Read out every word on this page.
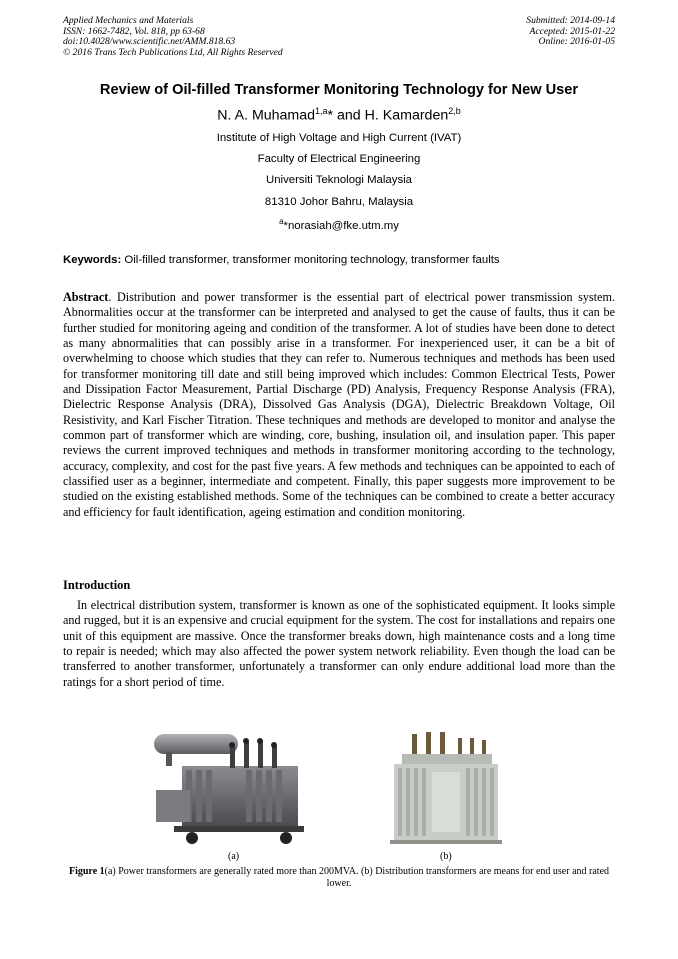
Applied Mechanics and Materials
ISSN: 1662-7482, Vol. 818, pp 63-68
doi:10.4028/www.scientific.net/AMM.818.63
© 2016 Trans Tech Publications Ltd, All Rights Reserved
Submitted: 2014-09-14
Accepted: 2015-01-22
Online: 2016-01-05
Review of Oil-filled Transformer Monitoring Technology for New User
N. A. Muhamad$^{1,a}$* and H. Kamarden$^{2,b}$
Institute of High Voltage and High Current (IVAT)
Faculty of Electrical Engineering
Universiti Teknologi Malaysia
81310 Johor Bahru, Malaysia
$^a$*norasiah@fke.utm.my
Keywords: Oil-filled transformer, transformer monitoring technology, transformer faults

Abstract. Distribution and power transformer is the essential part of electrical power transmission system. Abnormalities occur at the transformer can be interpreted and analysed to get the cause of faults, thus it can be further studied for monitoring ageing and condition of the transformer. A lot of studies have been done to detect as many abnormalities that can possibly arise in a transformer. For inexperienced user, it can be a bit of overwhelming to choose which studies that they can refer to. Numerous techniques and methods has been used for transformer monitoring till date and still being improved which includes: Common Electrical Tests, Power and Dissipation Factor Measurement, Partial Discharge (PD) Analysis, Frequency Response Analysis (FRA), Dielectric Response Analysis (DRA), Dissolved Gas Analysis (DGA), Dielectric Breakdown Voltage, Oil Resistivity, and Karl Fischer Titration. These techniques and methods are developed to monitor and analyse the common part of transformer which are winding, core, bushing, insulation oil, and insulation paper. This paper reviews the current improved techniques and methods in transformer monitoring according to the technology, accuracy, complexity, and cost for the past five years. A few methods and techniques can be appointed to each of classified user as a beginner, intermediate and competent. Finally, this paper suggests more improvement to be studied on the existing established methods. Some of the techniques can be combined to create a better accuracy and efficiency for fault identification, ageing estimation and condition monitoring.

Introduction

In electrical distribution system, transformer is known as one of the sophisticated equipment. It looks simple and rugged, but it is an expensive and crucial equipment for the system. The cost for installations and repairs one unit of this equipment are massive. Once the transformer breaks down, high maintenance costs and a long time to repair is needed; which may also affected the power system network reliability. Even though the load can be transferred to another transformer, unfortunately a transformer can only endure additional load more than the ratings for a short period of time.

(a)	(b)
Figure 1(a) Power transformers are generally rated more than 200MVA. (b) Distribution transformers are means for end user and rated lower.
